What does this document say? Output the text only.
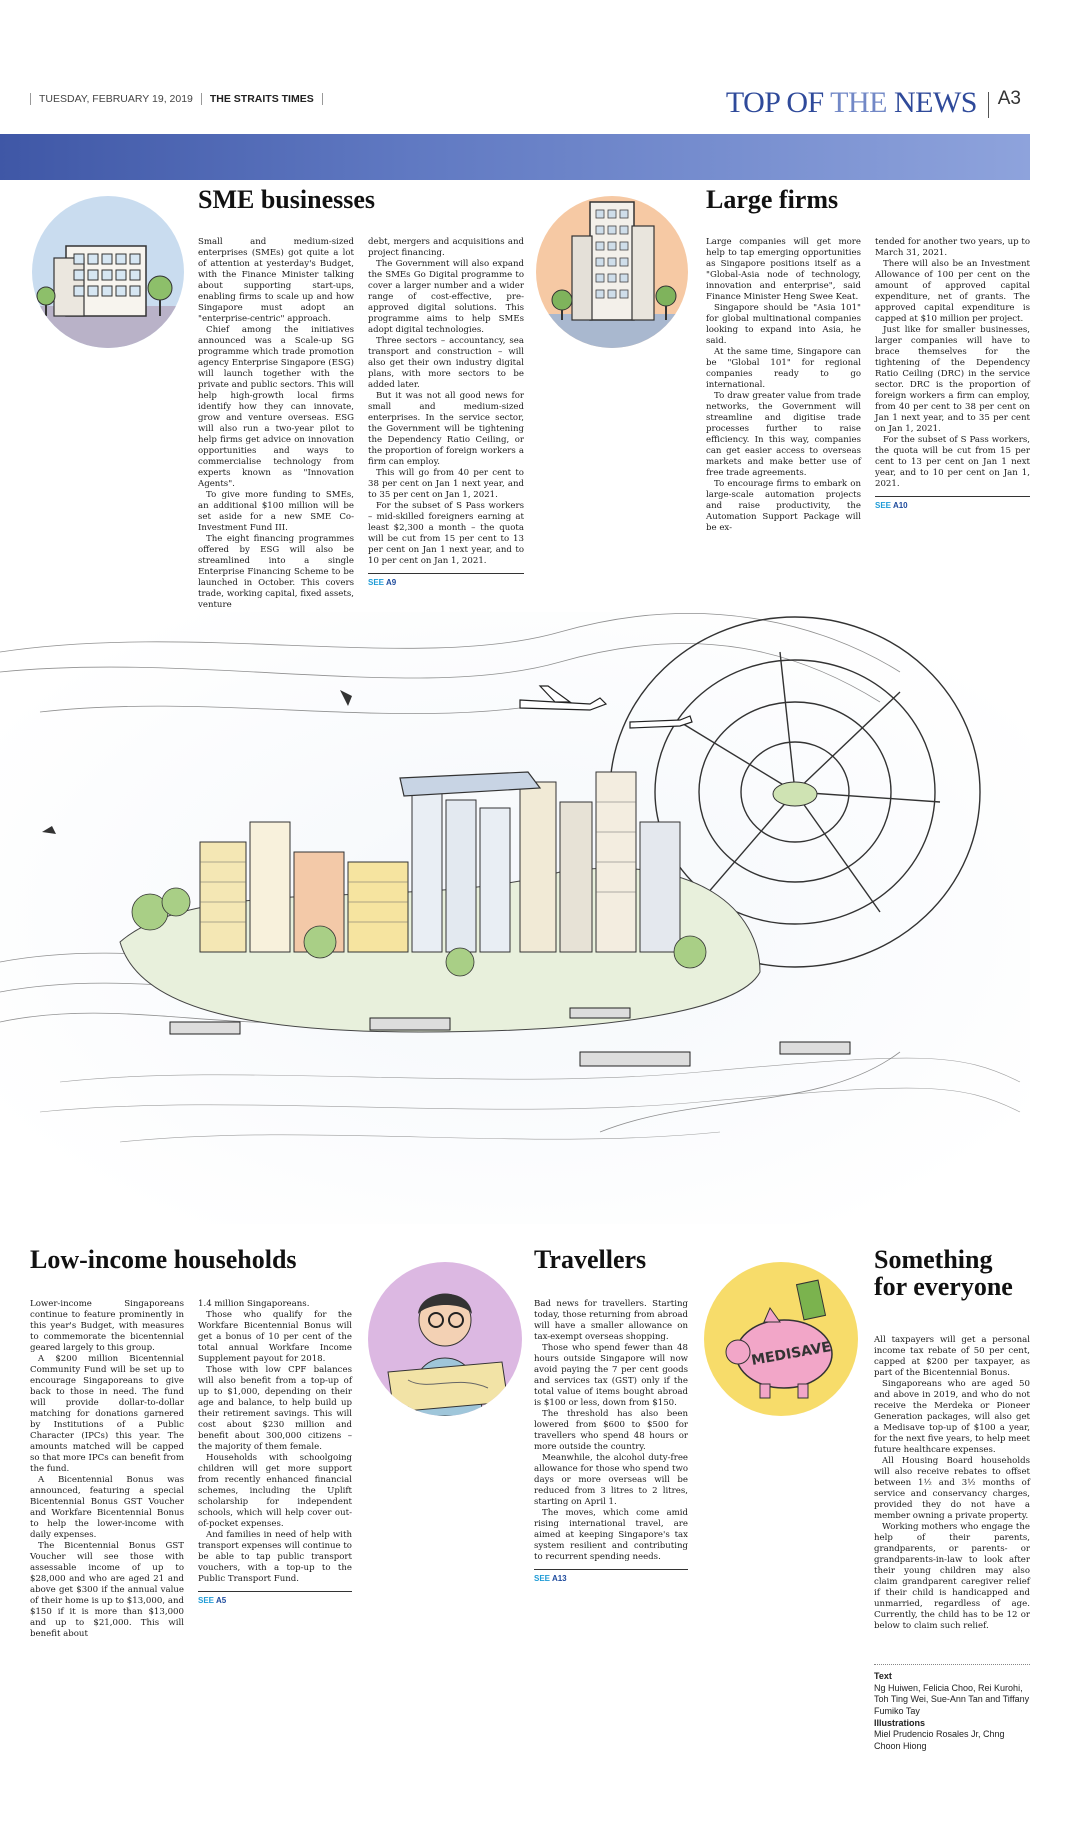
TUESDAY, FEBRUARY 19, 2019 THE STRAITS TIMES	TOP OF THE NEWS A3
SME businesses

Small and medium-sized enterprises (SMEs) got quite a lot of attention at yesterday's Budget, with the Finance Minister talking about supporting start-ups, enabling firms to scale up and how Singapore must adopt an "enterprise-centric" approach.

Chief among the initiatives announced was a Scale-up SG programme which trade promotion agency Enterprise Singapore (ESG) will launch together with the private and public sectors. This will help high-growth local firms identify how they can innovate, grow and venture overseas. ESG will also run a two-year pilot to help firms get advice on innovation opportunities and ways to commercialise technology from experts known as "Innovation Agents".

To give more funding to SMEs, an additional $100 million will be set aside for a new SME Co-Investment Fund III.

The eight financing programmes offered by ESG will also be streamlined into a single Enterprise Financing Scheme to be launched in October. This covers trade, working capital, fixed assets, venture

debt, mergers and acquisitions and project financing.

The Government will also expand the SMEs Go Digital programme to cover a larger number and a wider range of cost-effective, pre-approved digital solutions. This programme aims to help SMEs adopt digital technologies.

Three sectors – accountancy, sea transport and construction – will also get their own industry digital plans, with more sectors to be added later.

But it was not all good news for small and medium-sized enterprises. In the service sector, the Government will be tightening the Dependency Ratio Ceiling, or the proportion of foreign workers a firm can employ.

This will go from 40 per cent to 38 per cent on Jan 1 next year, and to 35 per cent on Jan 1, 2021.

For the subset of S Pass workers – mid-skilled foreigners earning at least $2,300 a month – the quota will be cut from 15 per cent to 13 per cent on Jan 1 next year, and to 10 per cent on Jan 1, 2021.

SEE A9
Large firms

Large companies will get more help to tap emerging opportunities as Singapore positions itself as a "Global-Asia node of technology, innovation and enterprise", said Finance Minister Heng Swee Keat.

Singapore should be "Asia 101" for global multinational companies looking to expand into Asia, he said.

At the same time, Singapore can be "Global 101" for regional companies ready to go international.

To draw greater value from trade networks, the Government will streamline and digitise trade processes further to raise efficiency. In this way, companies can get easier access to overseas markets and make better use of free trade agreements.

To encourage firms to embark on large-scale automation projects and raise productivity, the Automation Support Package will be ex-

tended for another two years, up to March 31, 2021.

There will also be an Investment Allowance of 100 per cent on the amount of approved capital expenditure, net of grants. The approved capital expenditure is capped at $10 million per project.

Just like for smaller businesses, larger companies will have to brace themselves for the tightening of the Dependency Ratio Ceiling (DRC) in the service sector. DRC is the proportion of foreign workers a firm can employ, from 40 per cent to 38 per cent on Jan 1 next year, and to 35 per cent on Jan 1, 2021.

For the subset of S Pass workers, the quota will be cut from 15 per cent to 13 per cent on Jan 1 next year, and to 10 per cent on Jan 1, 2021.

SEE A10
Low-income households

Lower-income Singaporeans continue to feature prominently in this year's Budget, with measures to commemorate the bicentennial geared largely to this group.

A $200 million Bicentennial Community Fund will be set up to encourage Singaporeans to give back to those in need. The fund will provide dollar-to-dollar matching for donations garnered by Institutions of a Public Character (IPCs) this year. The amounts matched will be capped so that more IPCs can benefit from the fund.

A Bicentennial Bonus was announced, featuring a special Bicentennial Bonus GST Voucher and Workfare Bicentennial Bonus to help the lower-income with daily expenses.

The Bicentennial Bonus GST Voucher will see those with assessable income of up to $28,000 and who are aged 21 and above get $300 if the annual value of their home is up to $13,000, and $150 if it is more than $13,000 and up to $21,000. This will benefit about

1.4 million Singaporeans.

Those who qualify for the Workfare Bicentennial Bonus will get a bonus of 10 per cent of the total annual Workfare Income Supplement payout for 2018.

Those with low CPF balances will also benefit from a top-up of up to $1,000, depending on their age and balance, to help build up their retirement savings. This will cost about $230 million and benefit about 300,000 citizens – the majority of them female.

Households with schoolgoing children will get more support from recently enhanced financial schemes, including the Uplift scholarship for independent schools, which will help cover out-of-pocket expenses.

And families in need of help with transport expenses will continue to be able to tap public transport vouchers, with a top-up to the Public Transport Fund.

SEE A5
Travellers

Bad news for travellers. Starting today, those returning from abroad will have a smaller allowance on tax-exempt overseas shopping.

Those who spend fewer than 48 hours outside Singapore will now avoid paying the 7 per cent goods and services tax (GST) only if the total value of items bought abroad is $100 or less, down from $150.

The threshold has also been lowered from $600 to $500 for travellers who spend 48 hours or more outside the country.

Meanwhile, the alcohol duty-free allowance for those who spend two days or more overseas will be reduced from 3 litres to 2 litres, starting on April 1.

The moves, which come amid rising international travel, are aimed at keeping Singapore's tax system resilient and contributing to recurrent spending needs.

SEE A13
MEDISAVE
Something
for everyone

All taxpayers will get a personal income tax rebate of 50 per cent, capped at $200 per taxpayer, as part of the Bicentennial Bonus.

Singaporeans who are aged 50 and above in 2019, and who do not receive the Merdeka or Pioneer Generation packages, will also get a Medisave top-up of $100 a year, for the next five years, to help meet future healthcare expenses.

All Housing Board households will also receive rebates to offset between 1½ and 3½ months of service and conservancy charges, provided they do not have a member owning a private property.

Working mothers who engage the help of their parents, grandparents, or parents- or grandparents-in-law to look after their young children may also claim grandparent caregiver relief if their child is handicapped and unmarried, regardless of age. Currently, the child has to be 12 or below to claim such relief.

Text
Ng Huiwen, Felicia Choo, Rei Kurohi, Toh Ting Wei, Sue-Ann Tan and Tiffany Fumiko Tay
Illustrations
Miel Prudencio Rosales Jr, Chng Choon Hiong
